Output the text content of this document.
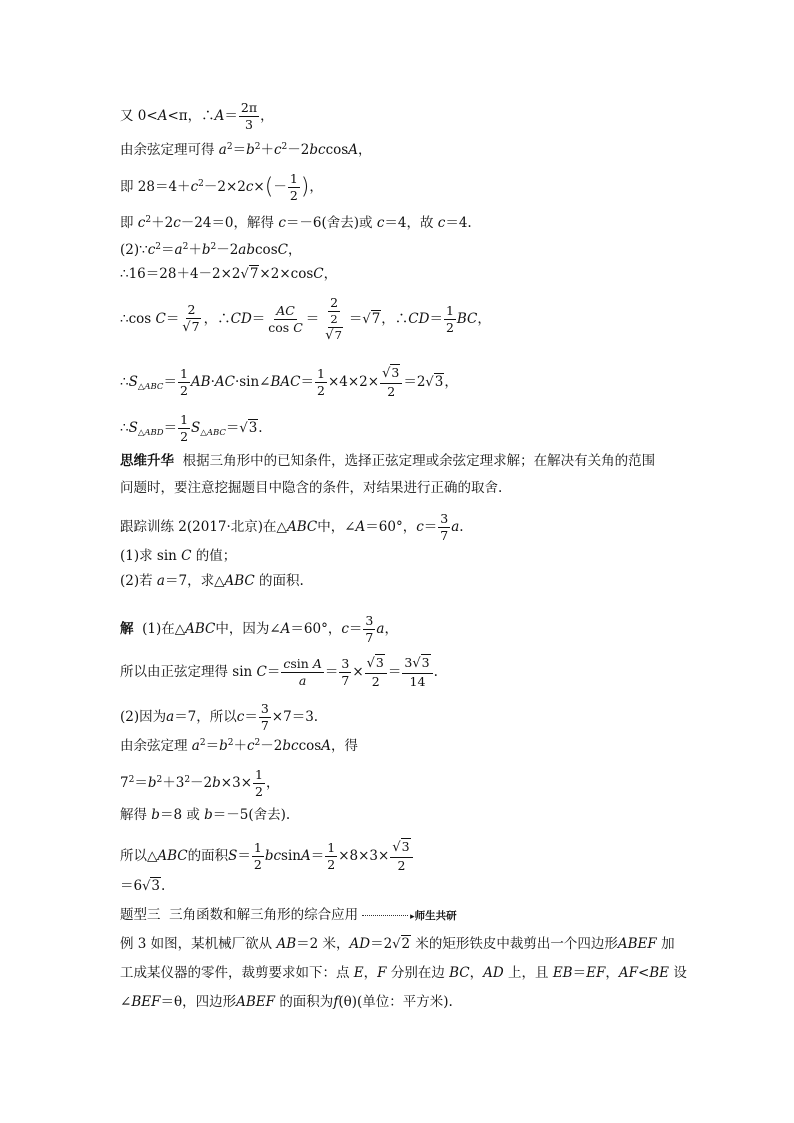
又 0<A<π，∴A＝ $\frac{2\pi}{3}$ ，
由余弦定理可得 $a^2=b^2+c^2-2bccosA$，
即 $28=4+c^2-2\times 2c\times(- \frac{1}{2}$ )，
即 $c^2+2c-24=0$，解得 c＝－6(舍去)或 c＝4，故 c＝4.
$(2)\because c^2=a^2+b^2-2abcosC$，
∴16＝28＋4－2×2√7×2×cosC，
∴cos $C= \frac{2}{√7}$ ，∴CD＝ $\frac{AC}{\text{cos C}} = \frac{2}{\frac{2}{√7}} =√7$，∴CD＝ $\frac{1}{2}$ BC，
$\therefore S_{\triangle ABC}= \frac{1}{2}$ AB·AC·sin∠BAC＝ $\frac{1}{2} \times 4\times 2\times \frac{√3}{2} =2√3$，
$\therefore S_{\triangle ABD}= \frac{1}{2} S_{\triangle ABC}=√3$.
思维升华 根据三角形中的已知条件，选择正弦定理或余弦定理求解；在解决有关角的范围
问题时，要注意挖掘题目中隐含的条件，对结果进行正确的取舍.
跟踪训练 2(2017·北京)在△ABC中，∠A＝60°，$c= \frac{3}{7} a$.
(1)求 sin C 的值；
(2)若 a＝7，求△ABC 的面积.
解 (1)在△ABC中，因为∠A＝60°，$c= \frac{3}{7}$ a，
所以由正弦定理得 $\sin C= \frac{\text{csin A}}{a} = \frac{3}{7} \times \frac{√3}{2} = \frac{3√3}{14}$ .
(2)因为a＝7，所以$c= \frac{3}{7} \times 7=3$.
由余弦定理 $a^2=b^2+c^2-2bccosA$，得
$7^2=b^2+3^2-2b\times 3\times \frac{1}{2}$ ，
解得 b＝8 或 b＝－5(舍去).
所以△ABC的面积$S= \frac{1}{2} bcsinA= \frac{1}{2} \times 8\times 3\times \frac{√3}{2}$
＝6√3.
题型三 三角函数和解三角形的综合应用	▸师生共研
例 3 如图，某机械厂欲从 AB＝2 米，AD＝2√2 米的矩形铁皮中裁剪出一个四边形ABEF 加
工成某仪器的零件，裁剪要求如下：点 E，F 分别在边 BC，AD 上，且 EB＝EF，AF<BE 设
∠BEF＝θ，四边形ABEF 的面积为f(θ)(单位：平方米).
